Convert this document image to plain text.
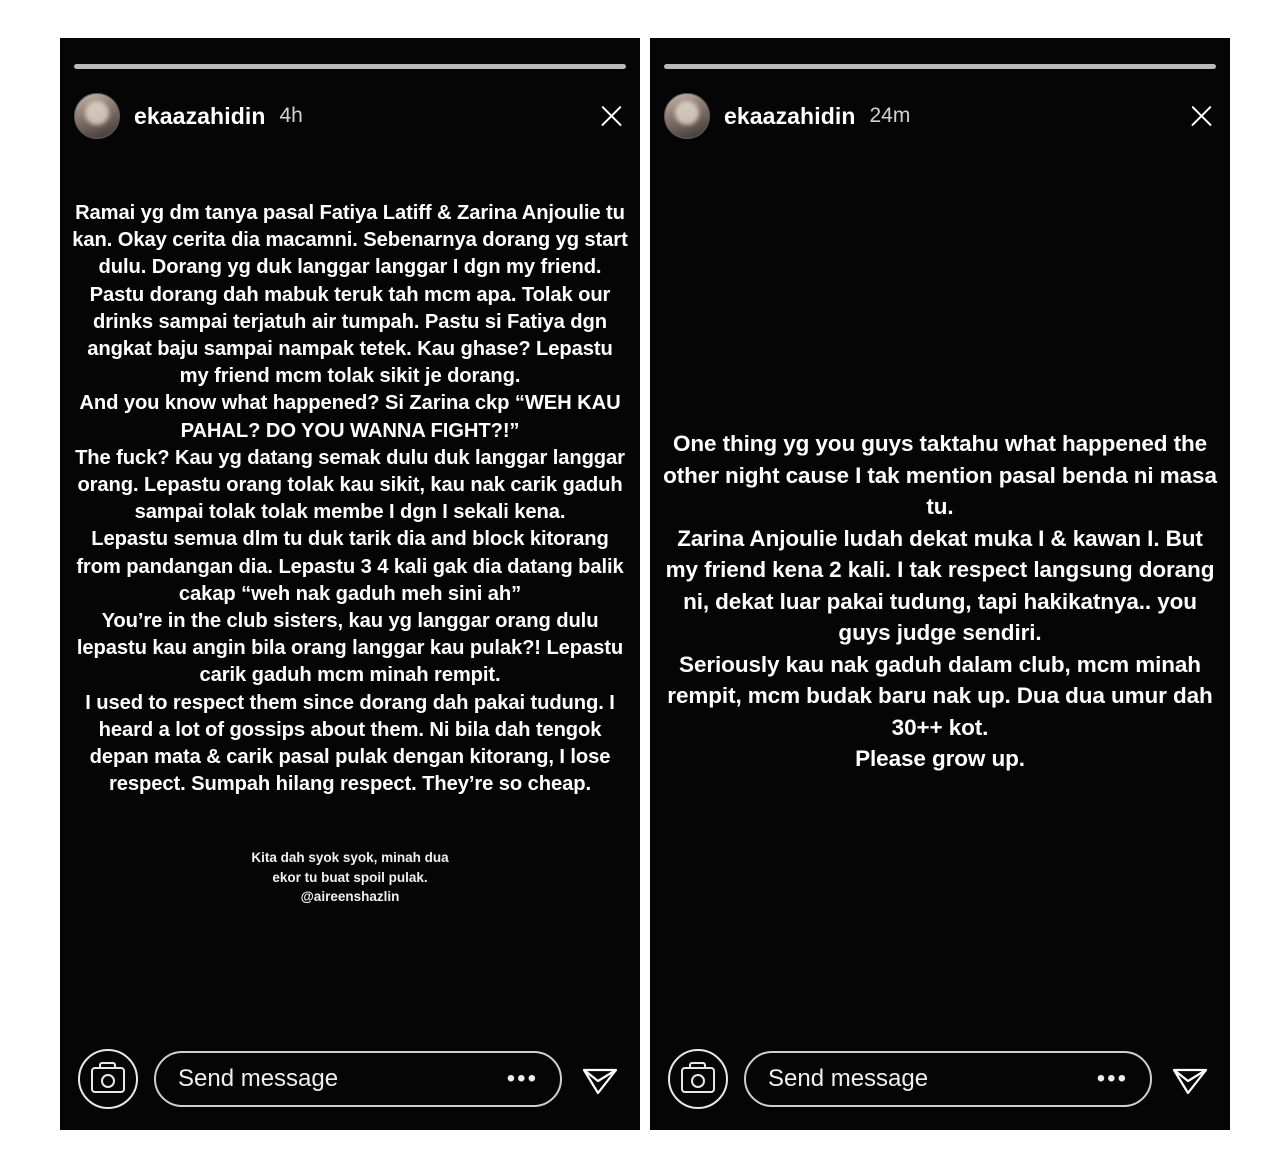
ekaazahidin 4h

Ramai yg dm tanya pasal Fatiya Latiff & Zarina Anjoulie tu kan. Okay cerita dia macamni. Sebenarnya dorang yg start dulu. Dorang yg duk langgar langgar I dgn my friend. Pastu dorang dah mabuk teruk tah mcm apa. Tolak our drinks sampai terjatuh air tumpah. Pastu si Fatiya dgn angkat baju sampai nampak tetek. Kau ghase? Lepastu my friend mcm tolak sikit je dorang.

And you know what happened? Si Zarina ckp “WEH KAU PAHAL? DO YOU WANNA FIGHT?!”

The fuck? Kau yg datang semak dulu duk langgar langgar orang. Lepastu orang tolak kau sikit, kau nak carik gaduh sampai tolak tolak membe I dgn I sekali kena.

Lepastu semua dlm tu duk tarik dia and block kitorang from pandangan dia. Lepastu 3 4 kali gak dia datang balik cakap “weh nak gaduh meh sini ah”

You’re in the club sisters, kau yg langgar orang dulu lepastu kau angin bila orang langgar kau pulak?! Lepastu carik gaduh mcm minah rempit.

I used to respect them since dorang dah pakai tudung. I heard a lot of gossips about them. Ni bila dah tengok depan mata & carik pasal pulak dengan kitorang, I lose respect. Sumpah hilang respect. They’re so cheap.

Kita dah syok syok, minah dua
ekor tu buat spoil pulak.
@aireenshazlin
Send message	•••
ekaazahidin 24m

One thing yg you guys taktahu what happened the other night cause I tak mention pasal benda ni masa tu.

Zarina Anjoulie ludah dekat muka I & kawan I. But my friend kena 2 kali. I tak respect langsung dorang ni, dekat luar pakai tudung, tapi hakikatnya.. you guys judge sendiri.

Seriously kau nak gaduh dalam club, mcm minah rempit, mcm budak baru nak up. Dua dua umur dah 30++ kot.

Please grow up.

Send message	•••
